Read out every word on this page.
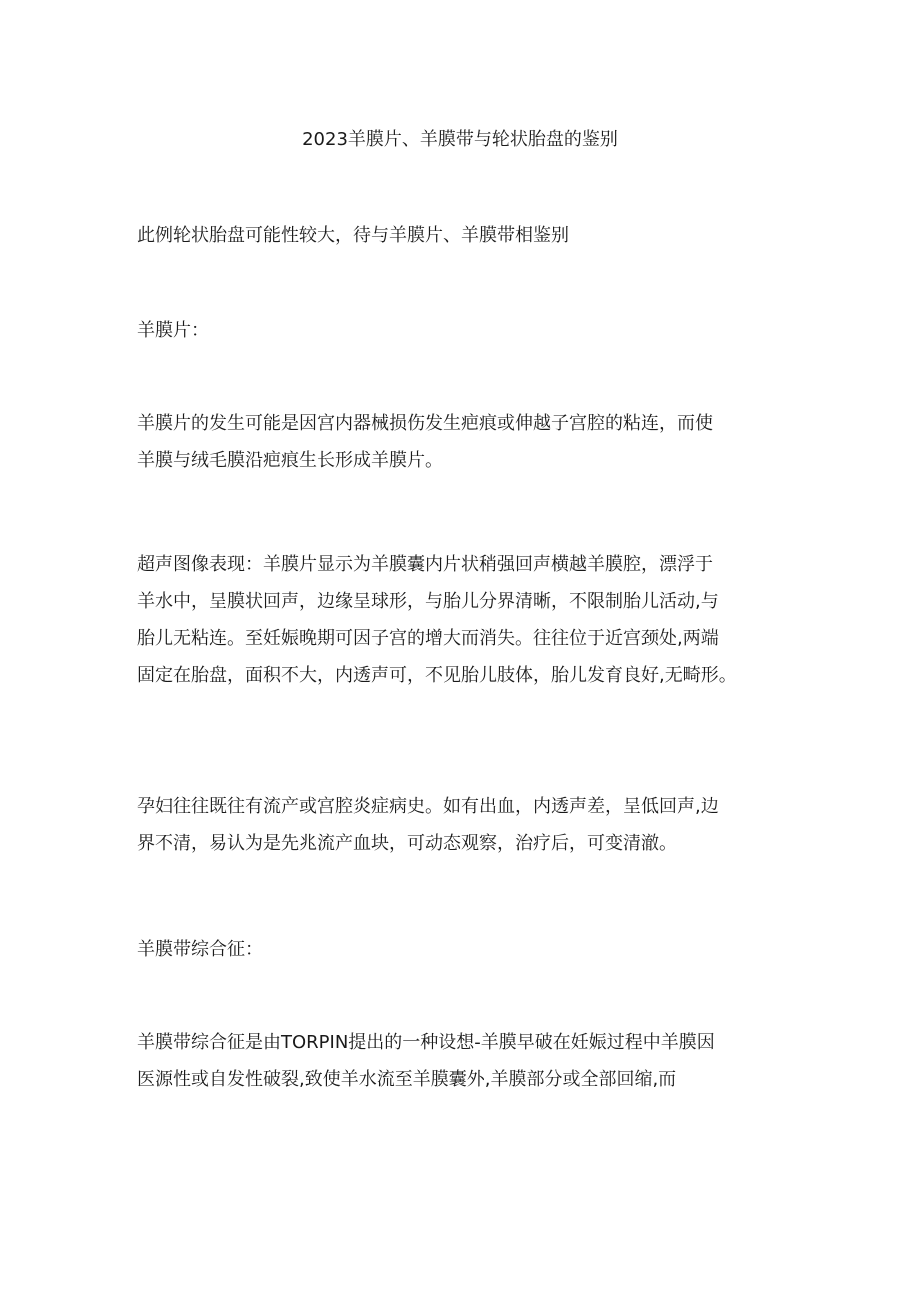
2023羊膜片、羊膜带与轮状胎盘的鉴别
此例轮状胎盘可能性较大，待与羊膜片、羊膜带相鉴别
羊膜片：
羊膜片的发生可能是因宫内器械损伤发生疤痕或伸越子宫腔的粘连，而使
羊膜与绒毛膜沿疤痕生长形成羊膜片。
超声图像表现：羊膜片显示为羊膜囊内片状稍强回声横越羊膜腔，漂浮于
羊水中，呈膜状回声，边缘呈球形，与胎儿分界清晰，不限制胎儿活动,与
胎儿无粘连。至妊娠晚期可因子宫的增大而消失。往往位于近宫颈处,两端
固定在胎盘，面积不大，内透声可，不见胎儿肢体，胎儿发育良好,无畸形。
孕妇往往既往有流产或宫腔炎症病史。如有出血，内透声差，呈低回声,边
界不清，易认为是先兆流产血块，可动态观察，治疗后，可变清澈。
羊膜带综合征：
羊膜带综合征是由TORPIN提出的一种设想-羊膜早破在妊娠过程中羊膜因
医源性或自发性破裂,致使羊水流至羊膜囊外,羊膜部分或全部回缩,而
